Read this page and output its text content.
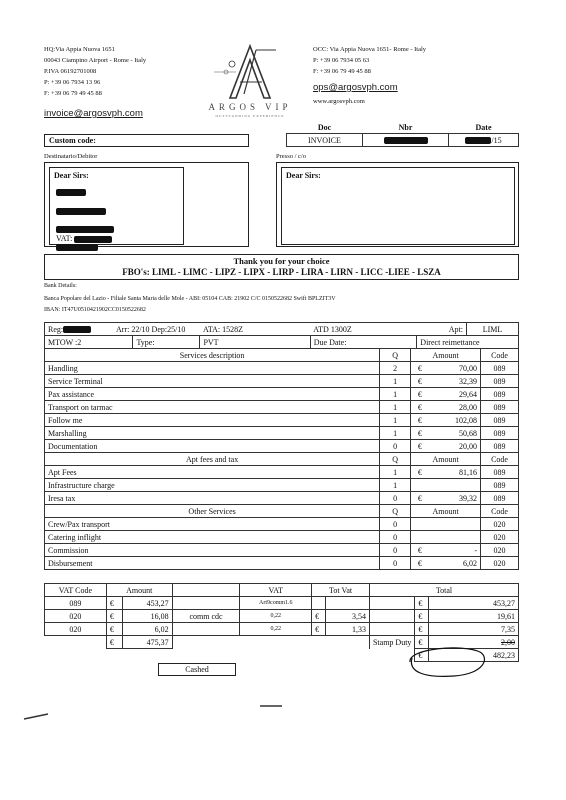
HQ:Via Appia Nuova 1651
00043 Ciampino Airport - Rome - Italy
P.IVA 06192701008
P: +39 06 7934 13 96
F: +39 06 79 49 45 88
invoice@argosvph.com
ARGOS VIP
OUTSTANDING EXPERIENCE
OCC: Via Appia Nuova 1651- Rome - Italy
P: +39 06 7934 05 63
F: +39 06 79 49 45 88
ops@argosvph.com
www.argosvph.com
Custom code:
Doc	Nbr	Date
INVOICE		/15
Destinatario/Debitor
Dear Sirs:

VAT:
Presso / c/o
Dear Sirs:
Thank you for your choice
FBO's: LIML - LIMC - LIPZ - LIPX - LIRP - LIRA - LIRN - LICC -LIEE - LSZA
Bank Details:
Banca Popolare del Lazio - Filiale Santa Maria delle Mole - ABI: 05104 CAB: 21902 C/C 0150522682 Swift BPLZIT3V
IBAN: IT47U0510421902CC0150522682
Reg:	Arr: 22/10 Dep:25/10		ATA: 1528Z	ATD 1300Z	Apt:	LIML
MTOW :2		Type:	PVT	Due Date:	Direct reimettance	
Services description	Q	Amount		Code
Handling	2	€	70,00	089
Service Terminal	1	€	32,39	089
Pax assistance	1	€	29,64	089
Transport on tarmac	1	€	28,00	089
Follow me	1	€	102,08	089
Marshalling	1	€	50,68	089
Documentation	0	€	20,00	089
Apt fees and tax	Q	Amount		Code
Apt Fees	1	€	81,16	089
Infrastructure charge	1			089
Iresa tax	0	€	39,32	089
Other Services	Q	Amount		Code
Crew/Pax transport	0			020
Catering inflight	0			020
Commission	0	€	-	020
Disbursement	0	€	6,02	020
VAT Code	Amount			VAT	Tot Vat		Total		
089	€	453,27		Art9comm1.6				€	453,27
020	€	16,08	comm cdc	0,22	€	3,54		€	19,61
020	€	6,02		0,22	€	1,33		€	7,35
	€	475,37					Stamp Duty	€	2,00
								€	482,23
Cashed
